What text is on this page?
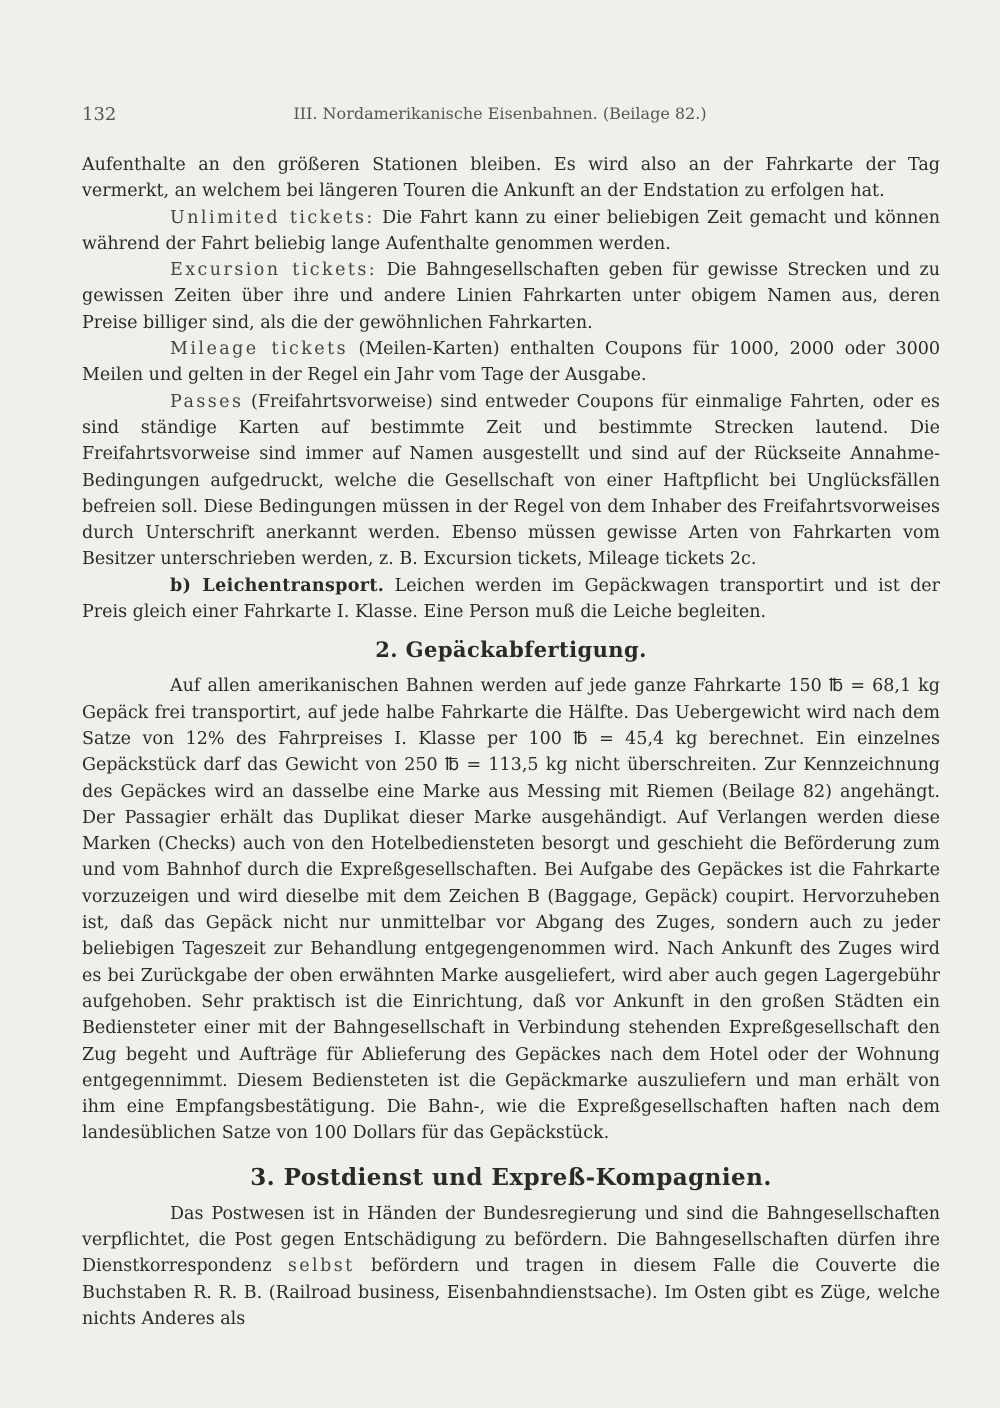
132	III. Nordamerikanische Eisenbahnen. (Beilage 82.)

Aufenthalte an den größeren Stationen bleiben. Es wird also an der Fahrkarte der Tag vermerkt, an welchem bei längeren Touren die Ankunft an der Endstation zu erfolgen hat.

Unlimited tickets: Die Fahrt kann zu einer beliebigen Zeit gemacht und können während der Fahrt beliebig lange Aufenthalte genommen werden.

Excursion tickets: Die Bahngesellschaften geben für gewisse Strecken und zu gewissen Zeiten über ihre und andere Linien Fahrkarten unter obigem Namen aus, deren Preise billiger sind, als die der gewöhnlichen Fahrkarten.

Mileage tickets (Meilen-Karten) enthalten Coupons für 1000, 2000 oder 3000 Meilen und gelten in der Regel ein Jahr vom Tage der Ausgabe.

Passes (Freifahrtsvorweise) sind entweder Coupons für einmalige Fahrten, oder es sind ständige Karten auf bestimmte Zeit und bestimmte Strecken lautend. Die Freifahrtsvorweise sind immer auf Namen ausgestellt und sind auf der Rückseite Annahme-Bedingungen aufgedruckt, welche die Gesellschaft von einer Haftpflicht bei Unglücksfällen befreien soll. Diese Bedingungen müssen in der Regel von dem Inhaber des Freifahrtsvorweises durch Unterschrift anerkannt werden. Ebenso müssen gewisse Arten von Fahrkarten vom Besitzer unterschrieben werden, z. B. Excursion tickets, Mileage tickets 2c.

b) Leichentransport. Leichen werden im Gepäckwagen transportirt und ist der Preis gleich einer Fahrkarte I. Klasse. Eine Person muß die Leiche begleiten.

2. Gepäckabfertigung.

Auf allen amerikanischen Bahnen werden auf jede ganze Fahrkarte 150 ℔ = 68,1 kg Gepäck frei transportirt, auf jede halbe Fahrkarte die Hälfte. Das Uebergewicht wird nach dem Satze von 12% des Fahrpreises I. Klasse per 100 ℔ = 45,4 kg berechnet. Ein einzelnes Gepäckstück darf das Gewicht von 250 ℔ = 113,5 kg nicht überschreiten. Zur Kennzeichnung des Gepäckes wird an dasselbe eine Marke aus Messing mit Riemen (Beilage 82) angehängt. Der Passagier erhält das Duplikat dieser Marke ausgehändigt. Auf Verlangen werden diese Marken (Checks) auch von den Hotelbediensteten besorgt und geschieht die Beförderung zum und vom Bahnhof durch die Expreßgesellschaften. Bei Aufgabe des Gepäckes ist die Fahrkarte vorzuzeigen und wird dieselbe mit dem Zeichen B (Baggage, Gepäck) coupirt. Hervorzuheben ist, daß das Gepäck nicht nur unmittelbar vor Abgang des Zuges, sondern auch zu jeder beliebigen Tageszeit zur Behandlung entgegengenommen wird. Nach Ankunft des Zuges wird es bei Zurückgabe der oben erwähnten Marke ausgeliefert, wird aber auch gegen Lagergebühr aufgehoben. Sehr praktisch ist die Einrichtung, daß vor Ankunft in den großen Städten ein Bediensteter einer mit der Bahngesellschaft in Verbindung stehenden Expreßgesellschaft den Zug begeht und Aufträge für Ablieferung des Gepäckes nach dem Hotel oder der Wohnung entgegennimmt. Diesem Bediensteten ist die Gepäckmarke auszuliefern und man erhält von ihm eine Empfangsbestätigung. Die Bahn-, wie die Expreßgesellschaften haften nach dem landesüblichen Satze von 100 Dollars für das Gepäckstück.

3. Postdienst und Expreß-Kompagnien.

Das Postwesen ist in Händen der Bundesregierung und sind die Bahngesellschaften verpflichtet, die Post gegen Entschädigung zu befördern. Die Bahngesellschaften dürfen ihre Dienstkorrespondenz selbst befördern und tragen in diesem Falle die Couverte die Buchstaben R. R. B. (Railroad business, Eisenbahndienstsache). Im Osten gibt es Züge, welche nichts Anderes als
